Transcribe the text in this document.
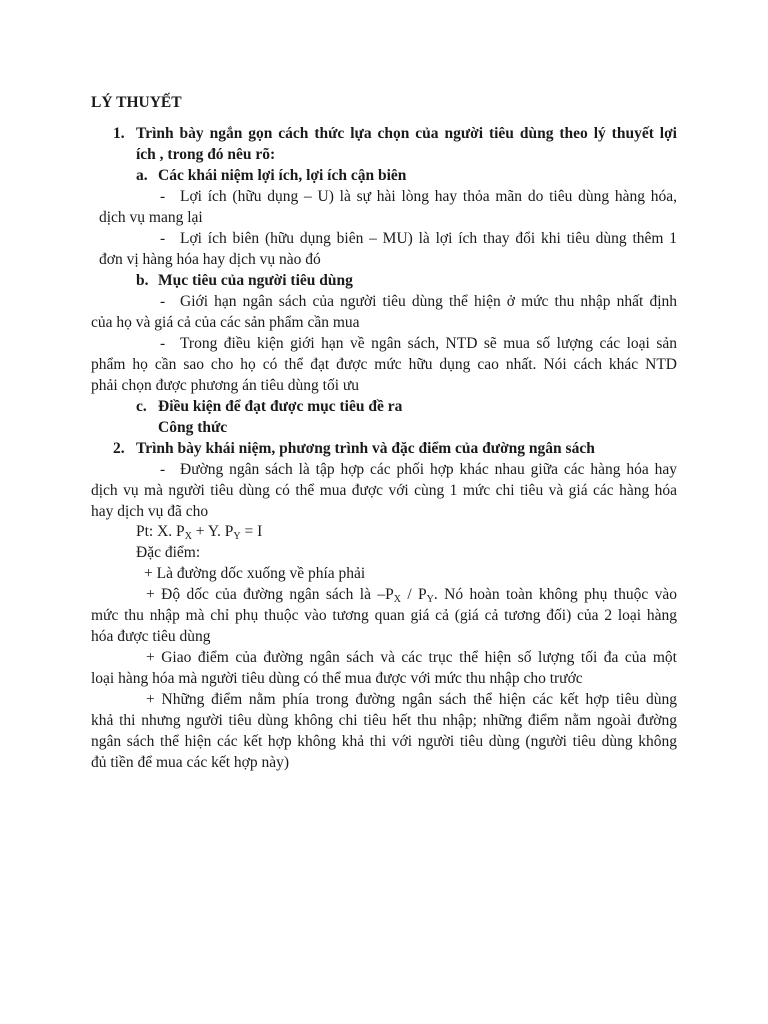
LÝ THUYẾT
1. Trình bày ngắn gọn cách thức lựa chọn của người tiêu dùng theo lý thuyết lợi
ích , trong đó nêu rõ:
a. Các khái niệm lợi ích, lợi ích cận biên
- Lợi ích (hữu dụng – U) là sự hài lòng hay thỏa mãn do tiêu dùng hàng hóa,
dịch vụ mang lại
- Lợi ích biên (hữu dụng biên – MU) là lợi ích thay đổi khi tiêu dùng thêm 1
đơn vị hàng hóa hay dịch vụ nào đó
b. Mục tiêu của người tiêu dùng
- Giới hạn ngân sách của người tiêu dùng thể hiện ở mức thu nhập nhất định
của họ và giá cả của các sản phẩm cần mua
- Trong điều kiện giới hạn về ngân sách, NTD sẽ mua số lượng các loại sản
phẩm họ cần sao cho họ có thể đạt được mức hữu dụng cao nhất. Nói cách khác NTD
phải chọn được phương án tiêu dùng tối ưu
c. Điều kiện để đạt được mục tiêu đề ra
Công thức
2. Trình bày khái niệm, phương trình và đặc điểm của đường ngân sách
- Đường ngân sách là tập hợp các phối hợp khác nhau giữa các hàng hóa hay
dịch vụ mà người tiêu dùng có thể mua được với cùng 1 mức chi tiêu và giá các hàng hóa
hay dịch vụ đã cho
Pt: X. $P_X + Y$. $P_Y = I$
Đặc điểm:
+ Là đường dốc xuống về phía phải
+ Độ dốc của đường ngân sách là $-P_X / P_Y$. Nó hoàn toàn không phụ thuộc vào
mức thu nhập mà chỉ phụ thuộc vào tương quan giá cả (giá cả tương đối) của 2 loại hàng
hóa được tiêu dùng
+ Giao điểm của đường ngân sách và các trục thể hiện số lượng tối đa của một
loại hàng hóa mà người tiêu dùng có thể mua được với mức thu nhập cho trước
+ Những điểm nằm phía trong đường ngân sách thể hiện các kết hợp tiêu dùng
khả thi nhưng người tiêu dùng không chi tiêu hết thu nhập; những điểm nằm ngoài đường
ngân sách thể hiện các kết hợp không khả thi với người tiêu dùng (người tiêu dùng không
đủ tiền để mua các kết hợp này)
